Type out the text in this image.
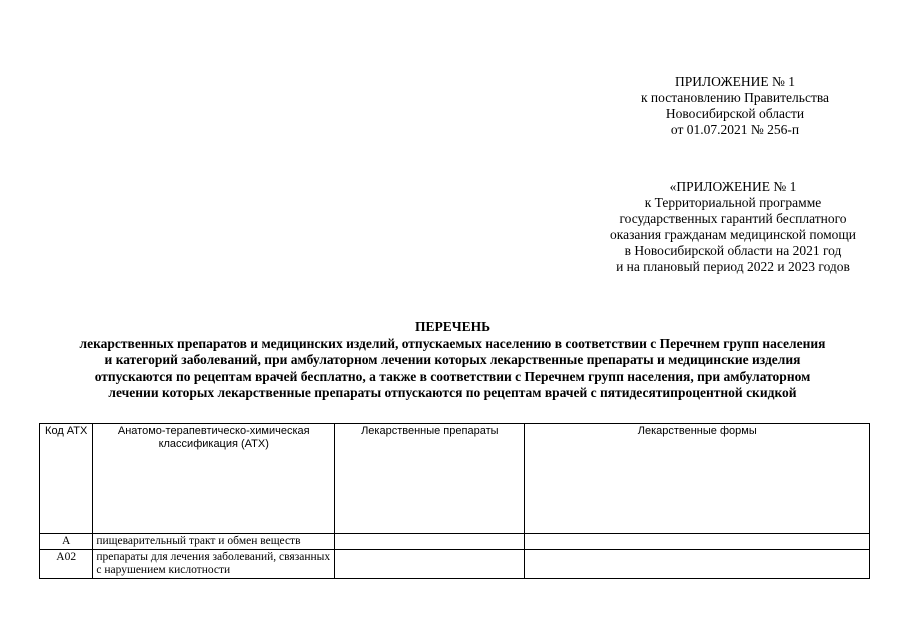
ПРИЛОЖЕНИЕ № 1
к постановлению Правительства
Новосибирской области
от 01.07.2021 № 256-п
«ПРИЛОЖЕНИЕ № 1
к Территориальной программе
государственных гарантий бесплатного
оказания гражданам медицинской помощи
в Новосибирской области на 2021 год
и на плановый период 2022 и 2023 годов
ПЕРЕЧЕНЬ
лекарственных препаратов и медицинских изделий, отпускаемых населению в соответствии с Перечнем групп населения
и категорий заболеваний, при амбулаторном лечении которых лекарственные препараты и медицинские изделия
отпускаются по рецептам врачей бесплатно, а также в соответствии с Перечнем групп населения, при амбулаторном
лечении которых лекарственные препараты отпускаются по рецептам врачей с пятидесятипроцентной скидкой
Код АТХ	Анатомо-терапевтическо-химическая классификация (АТХ)	Лекарственные препараты	Лекарственные формы
А	пищеварительный тракт и обмен веществ		
А02	препараты для лечения заболеваний, связанных с нарушением кислотности		
